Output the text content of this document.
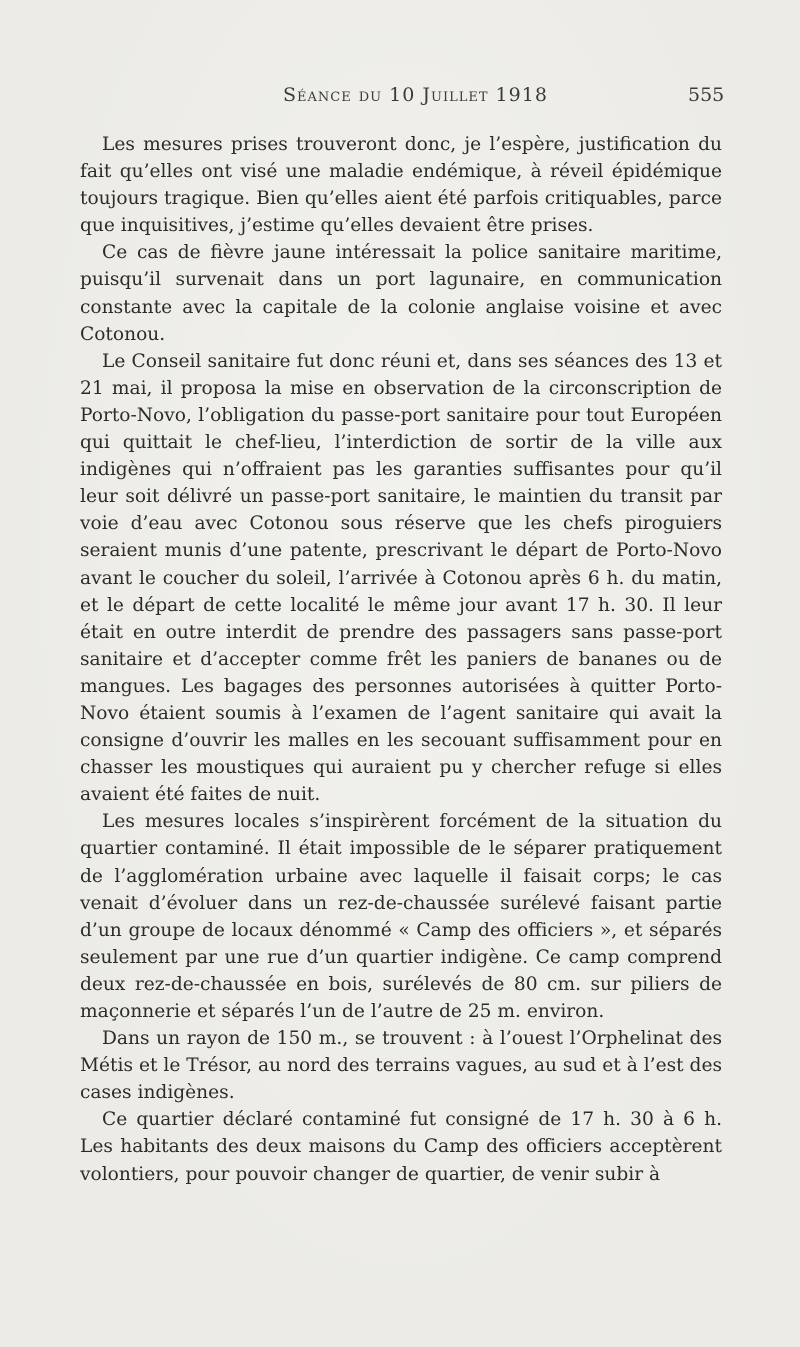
Séance du 10 Juillet 1918	555

Les mesures prises trouveront donc, je l’espère, justification du fait qu’elles ont visé une maladie endémique, à réveil épidémique toujours tragique. Bien qu’elles aient été parfois critiquables, parce que inquisitives, j’estime qu’elles devaient être prises.

Ce cas de fièvre jaune intéressait la police sanitaire maritime, puisqu’il survenait dans un port lagunaire, en communication constante avec la capitale de la colonie anglaise voisine et avec Cotonou.

Le Conseil sanitaire fut donc réuni et, dans ses séances des 13 et 21 mai, il proposa la mise en observation de la circonscription de Porto-Novo, l’obligation du passe-port sanitaire pour tout Européen qui quittait le chef-lieu, l’interdiction de sortir de la ville aux indigènes qui n’offraient pas les garanties suffisantes pour qu’il leur soit délivré un passe-port sanitaire, le maintien du transit par voie d’eau avec Cotonou sous réserve que les chefs piroguiers seraient munis d’une patente, prescrivant le départ de Porto-Novo avant le coucher du soleil, l’arrivée à Cotonou après 6 h. du matin, et le départ de cette localité le même jour avant 17 h. 30. Il leur était en outre interdit de prendre des passagers sans passe-port sanitaire et d’accepter comme frêt les paniers de bananes ou de mangues. Les bagages des personnes autorisées à quitter Porto-Novo étaient soumis à l’examen de l’agent sanitaire qui avait la consigne d’ouvrir les malles en les secouant suffisamment pour en chasser les moustiques qui auraient pu y chercher refuge si elles avaient été faites de nuit.

Les mesures locales s’inspirèrent forcément de la situation du quartier contaminé. Il était impossible de le séparer pratiquement de l’agglomération urbaine avec laquelle il faisait corps; le cas venait d’évoluer dans un rez-de-chaussée surélevé faisant partie d’un groupe de locaux dénommé « Camp des officiers », et séparés seulement par une rue d’un quartier indigène. Ce camp comprend deux rez-de-chaussée en bois, surélevés de 80 cm. sur piliers de maçonnerie et séparés l’un de l’autre de 25 m. environ.

Dans un rayon de 150 m., se trouvent : à l’ouest l’Orphelinat des Métis et le Trésor, au nord des terrains vagues, au sud et à l’est des cases indigènes.

Ce quartier déclaré contaminé fut consigné de 17 h. 30 à 6 h. Les habitants des deux maisons du Camp des officiers acceptèrent volontiers, pour pouvoir changer de quartier, de venir subir à
